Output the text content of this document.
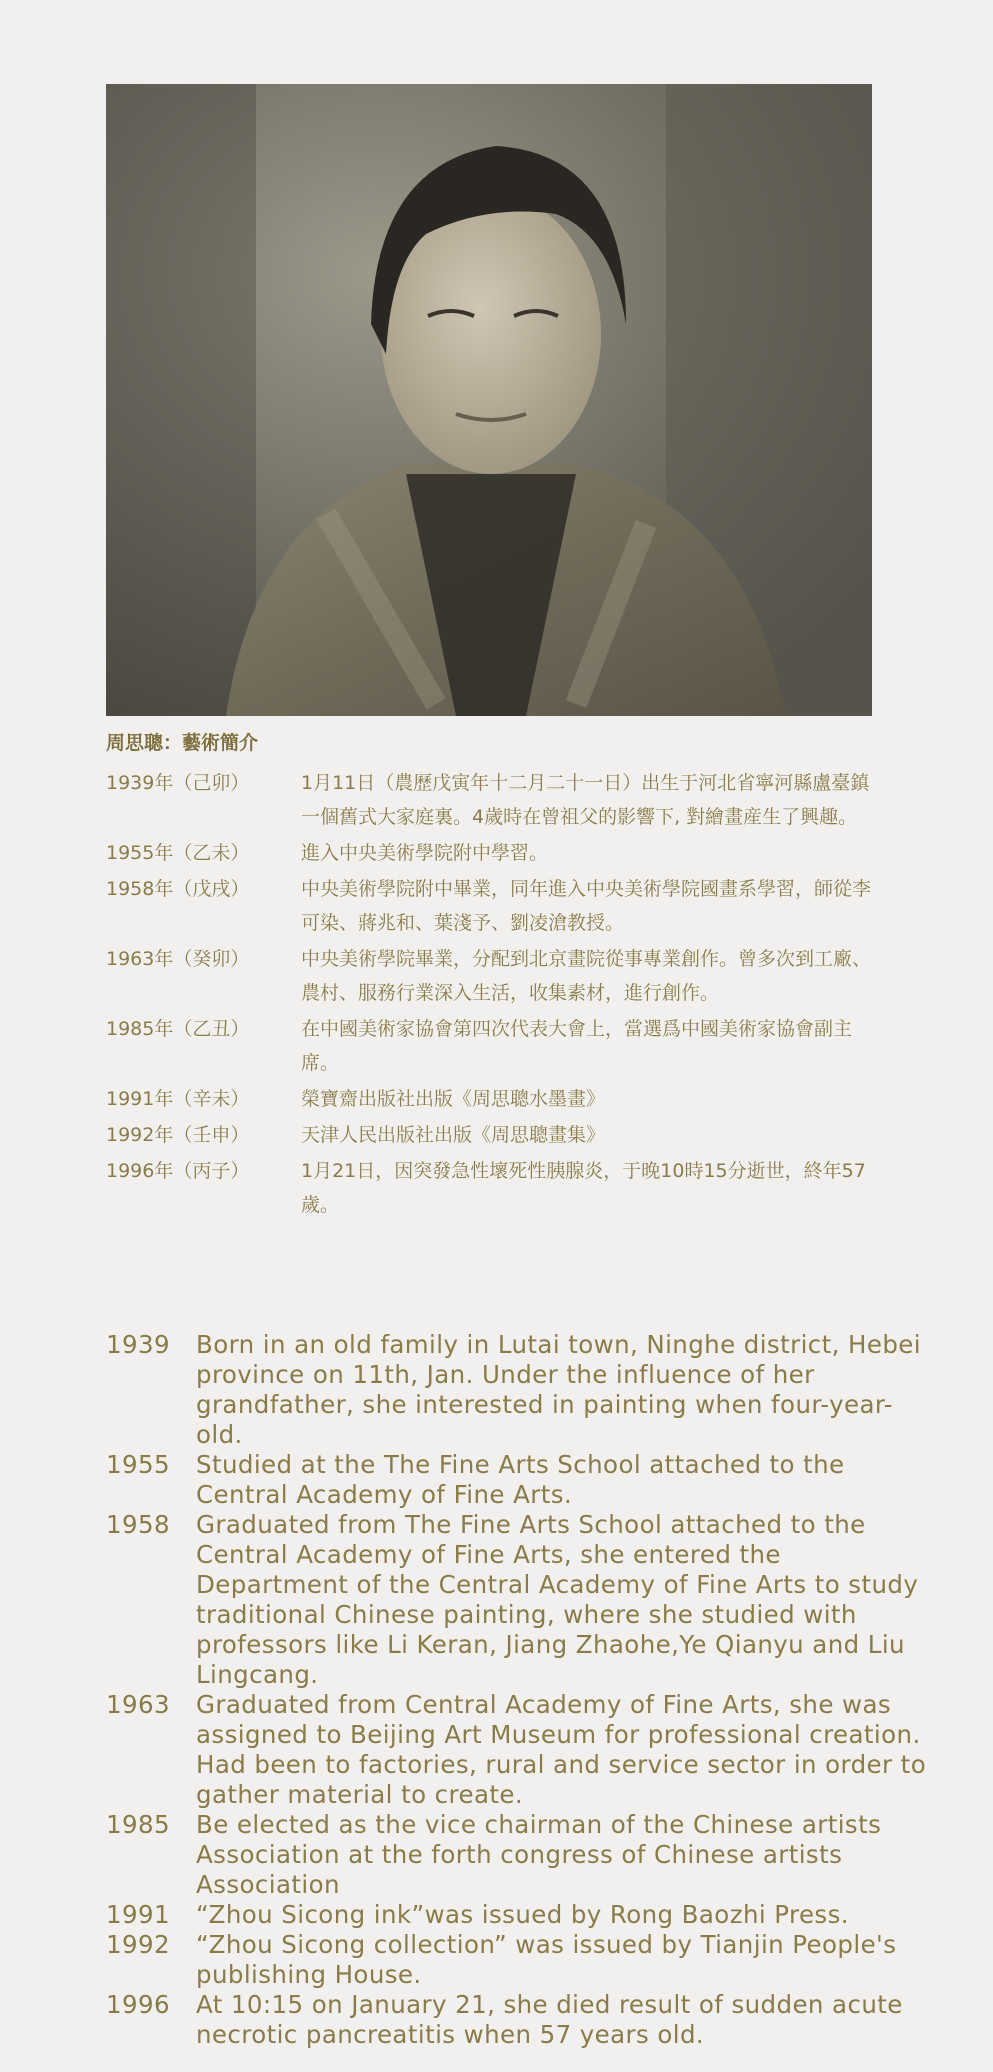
周思聰：藝術簡介
1939年（己卯）	1月11日（農歷戊寅年十二月二十一日）出生于河北省寧河縣盧臺鎮一個舊式大家庭裏。4歲時在曾祖父的影響下, 對繪畫産生了興趣。
1955年（乙未）	進入中央美術學院附中學習。
1958年（戊戌）	中央美術學院附中畢業，同年進入中央美術學院國畫系學習，師從李可染、蔣兆和、葉淺予、劉凌滄教授。
1963年（癸卯）	中央美術學院畢業，分配到北京畫院從事專業創作。曾多次到工廠、農村、服務行業深入生活，收集素材，進行創作。
1985年（乙丑）	在中國美術家協會第四次代表大會上，當選爲中國美術家協會副主席。
1991年（辛未）	榮寶齋出版社出版《周思聰水墨畫》
1992年（壬申）	天津人民出版社出版《周思聰畫集》
1996年（丙子）	1月21日，因突發急性壞死性胰腺炎，于晚10時15分逝世，終年57歲。
1939	Born in an old family in Lutai town, Ninghe district, Hebei province on 11th, Jan. Under the influence of her grandfather, she interested in painting when four-year-old.
1955	Studied at the The Fine Arts School attached to the Central Academy of Fine Arts.
1958	Graduated from The Fine Arts School attached to the Central Academy of Fine Arts, she entered the Department of the Central Academy of Fine Arts to study traditional Chinese painting, where she studied with professors like Li Keran, Jiang Zhaohe,Ye Qianyu and Liu Lingcang.
1963	Graduated from Central Academy of Fine Arts, she was assigned to Beijing Art Museum for professional creation. Had been to factories, rural and service sector in order to gather material to create.
1985	Be elected as the vice chairman of the Chinese artists Association at the forth congress of Chinese artists Association
1991	“Zhou Sicong ink”was issued by Rong Baozhi Press.
1992	“Zhou Sicong collection” was issued by Tianjin People's publishing House.
1996	At 10:15 on January 21, she died result of sudden acute necrotic pancreatitis when 57 years old.
